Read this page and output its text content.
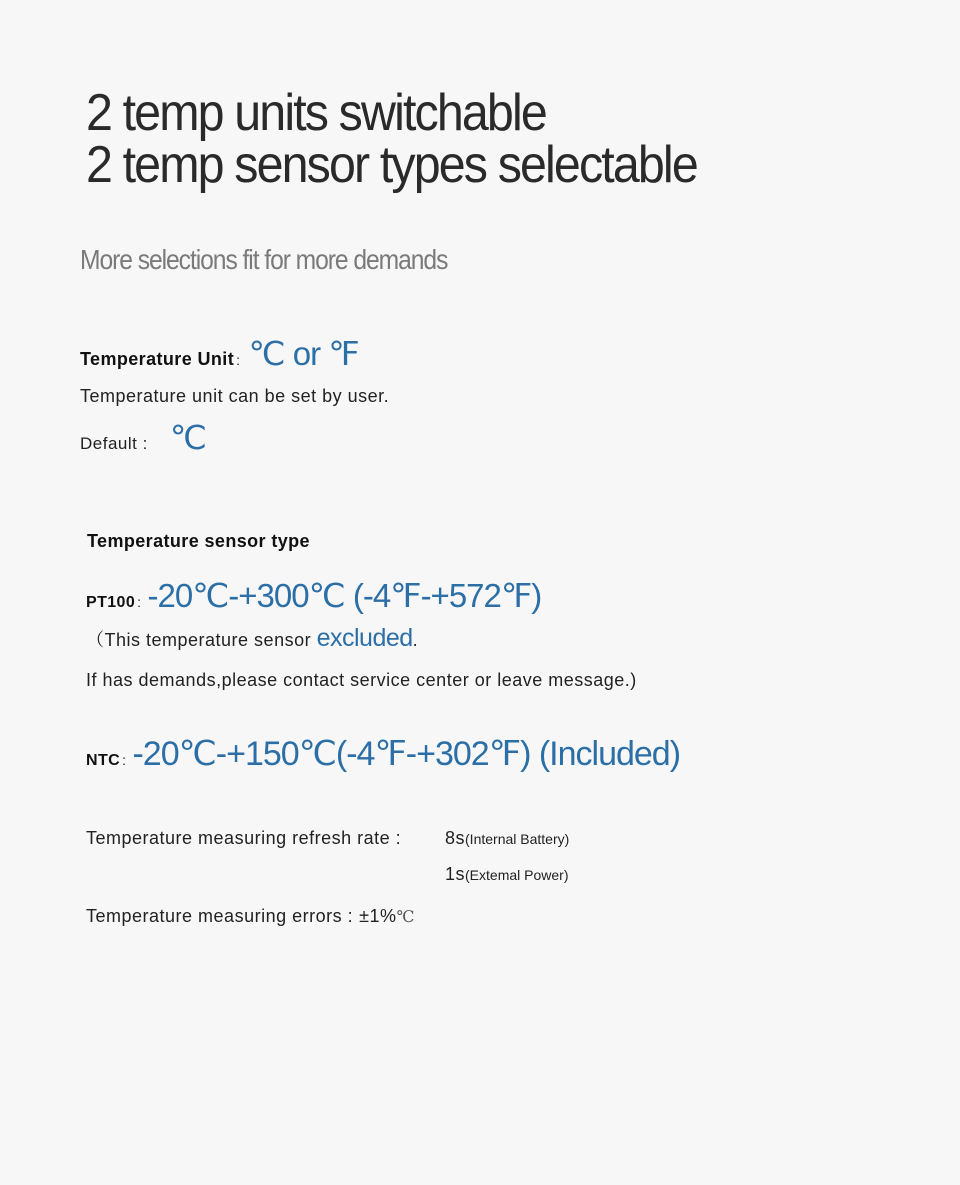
2 temp units switchable
2 temp sensor types selectable
More selections fit for more demands
Temperature Unit : ℃ or ℉
Temperature unit can be set by user.
Default : ℃
Temperature sensor type
PT100 : -20℃-+300℃ (-4℉-+572℉)
（This temperature sensor excluded.
If has demands,please contact service center or leave message.)
NTC : -20℃-+150℃(-4℉-+302℉) (Included)
Temperature measuring refresh rate : 8s(Internal Battery)
1s(Extemal Power)
Temperature measuring errors : ±1%℃
